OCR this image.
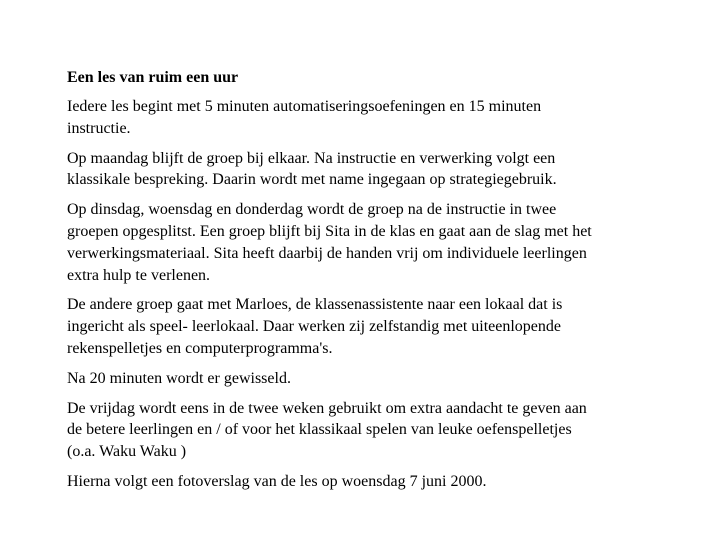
Een les van ruim een uur
Iedere les begint met 5 minuten automatiseringsoefeningen en 15 minuten
instructie.
Op maandag blijft de groep bij elkaar. Na instructie en verwerking volgt een
klassikale bespreking. Daarin wordt met name ingegaan op strategiegebruik.
Op dinsdag, woensdag en donderdag wordt de groep na de instructie in twee
groepen opgesplitst. Een groep blijft bij Sita in de klas en gaat aan de slag met het
verwerkingsmateriaal. Sita heeft daarbij de handen vrij om individuele leerlingen
extra hulp te verlenen.
De andere groep gaat met Marloes, de klassenassistente naar een lokaal dat is
ingericht als speel- leerlokaal. Daar werken zij zelfstandig met uiteenlopende
rekenspelletjes en computerprogramma's.
Na 20 minuten wordt er gewisseld.
De vrijdag wordt eens in de twee weken gebruikt om extra aandacht te geven aan
de betere leerlingen en / of voor het klassikaal spelen van leuke oefenspelletjes
(o.a. Waku Waku )
Hierna volgt een fotoverslag van de les op woensdag 7 juni 2000.
